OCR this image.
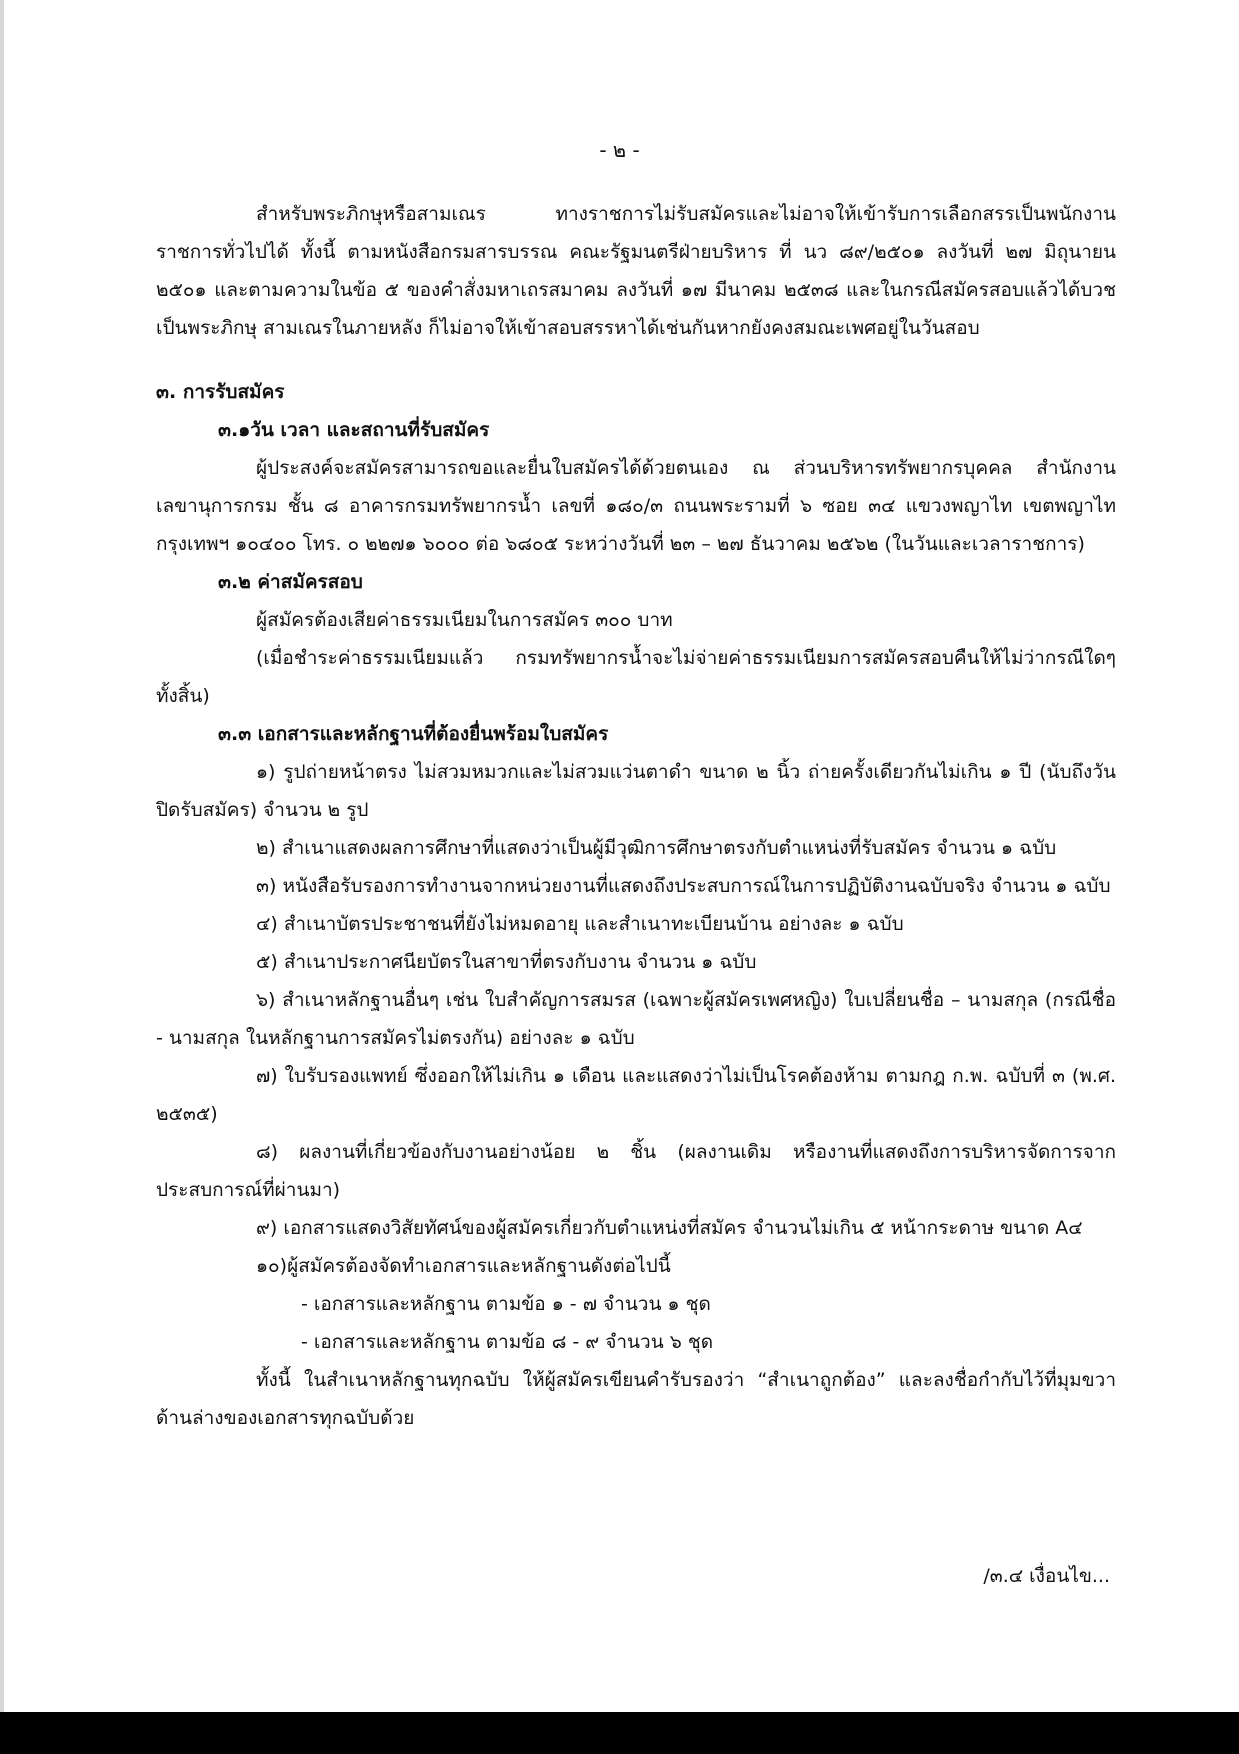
- ๒ -

สำหรับพระภิกษุหรือสามเณร ทางราชการไม่รับสมัครและไม่อาจให้เข้ารับการเลือกสรรเป็นพนักงานราชการทั่วไปได้ ทั้งนี้ ตามหนังสือกรมสารบรรณ คณะรัฐมนตรีฝ่ายบริหาร ที่ นว ๘๙/๒๕๐๑ ลงวันที่ ๒๗ มิถุนายน ๒๕๐๑ และตามความในข้อ ๕ ของคำสั่งมหาเถรสมาคม ลงวันที่ ๑๗ มีนาคม ๒๕๓๘ และในกรณีสมัครสอบแล้วได้บวชเป็นพระภิกษุ สามเณรในภายหลัง ก็ไม่อาจให้เข้าสอบสรรหาได้เช่นกันหากยังคงสมณะเพศอยู่ในวันสอบ

๓. การรับสมัคร

๓.๑วัน เวลา และสถานที่รับสมัคร

ผู้ประสงค์จะสมัครสามารถขอและยื่นใบสมัครได้ด้วยตนเอง ณ ส่วนบริหารทรัพยากรบุคคล สำนักงานเลขานุการกรม ชั้น ๘ อาคารกรมทรัพยากรน้ำ เลขที่ ๑๘๐/๓ ถนนพระรามที่ ๖ ซอย ๓๔ แขวงพญาไท เขตพญาไท กรุงเทพฯ ๑๐๔๐๐ โทร. ๐ ๒๒๗๑ ๖๐๐๐ ต่อ ๖๘๐๕ ระหว่างวันที่ ๒๓ – ๒๗ ธันวาคม ๒๕๖๒ (ในวันและเวลาราชการ)

๓.๒ ค่าสมัครสอบ

ผู้สมัครต้องเสียค่าธรรมเนียมในการสมัคร ๓๐๐ บาท

(เมื่อชำระค่าธรรมเนียมแล้ว กรมทรัพยากรน้ำจะไม่จ่ายค่าธรรมเนียมการสมัครสอบคืนให้ไม่ว่ากรณีใดๆ ทั้งสิ้น)

๓.๓ เอกสารและหลักฐานที่ต้องยื่นพร้อมใบสมัคร

๑) รูปถ่ายหน้าตรง ไม่สวมหมวกและไม่สวมแว่นตาดำ ขนาด ๒ นิ้ว ถ่ายครั้งเดียวกันไม่เกิน ๑ ปี (นับถึงวันปิดรับสมัคร) จำนวน ๒ รูป

๒) สำเนาแสดงผลการศึกษาที่แสดงว่าเป็นผู้มีวุฒิการศึกษาตรงกับตำแหน่งที่รับสมัคร จำนวน ๑ ฉบับ

๓) หนังสือรับรองการทำงานจากหน่วยงานที่แสดงถึงประสบการณ์ในการปฏิบัติงานฉบับจริง จำนวน ๑ ฉบับ

๔) สำเนาบัตรประชาชนที่ยังไม่หมดอายุ และสำเนาทะเบียนบ้าน อย่างละ ๑ ฉบับ

๕) สำเนาประกาศนียบัตรในสาขาที่ตรงกับงาน จำนวน ๑ ฉบับ

๖) สำเนาหลักฐานอื่นๆ เช่น ใบสำคัญการสมรส (เฉพาะผู้สมัครเพศหญิง) ใบเปลี่ยนชื่อ – นามสกุล (กรณีชื่อ - นามสกุล ในหลักฐานการสมัครไม่ตรงกัน) อย่างละ ๑ ฉบับ

๗) ใบรับรองแพทย์ ซึ่งออกให้ไม่เกิน ๑ เดือน และแสดงว่าไม่เป็นโรคต้องห้าม ตามกฎ ก.พ. ฉบับที่ ๓ (พ.ศ. ๒๕๓๕)

๘) ผลงานที่เกี่ยวข้องกับงานอย่างน้อย ๒ ชิ้น (ผลงานเดิม หรืองานที่แสดงถึงการบริหารจัดการจากประสบการณ์ที่ผ่านมา)

๙) เอกสารแสดงวิสัยทัศน์ของผู้สมัครเกี่ยวกับตำแหน่งที่สมัคร จำนวนไม่เกิน ๕ หน้ากระดาษ ขนาด A๔

๑๐)ผู้สมัครต้องจัดทำเอกสารและหลักฐานดังต่อไปนี้

- เอกสารและหลักฐาน ตามข้อ ๑ - ๗ จำนวน ๑ ชุด

- เอกสารและหลักฐาน ตามข้อ ๘ - ๙ จำนวน ๖ ชุด

ทั้งนี้ ในสำเนาหลักฐานทุกฉบับ ให้ผู้สมัครเขียนคำรับรองว่า “สำเนาถูกต้อง” และลงชื่อกำกับไว้ที่มุมขวาด้านล่างของเอกสารทุกฉบับด้วย

/๓.๔ เงื่อนไข...
